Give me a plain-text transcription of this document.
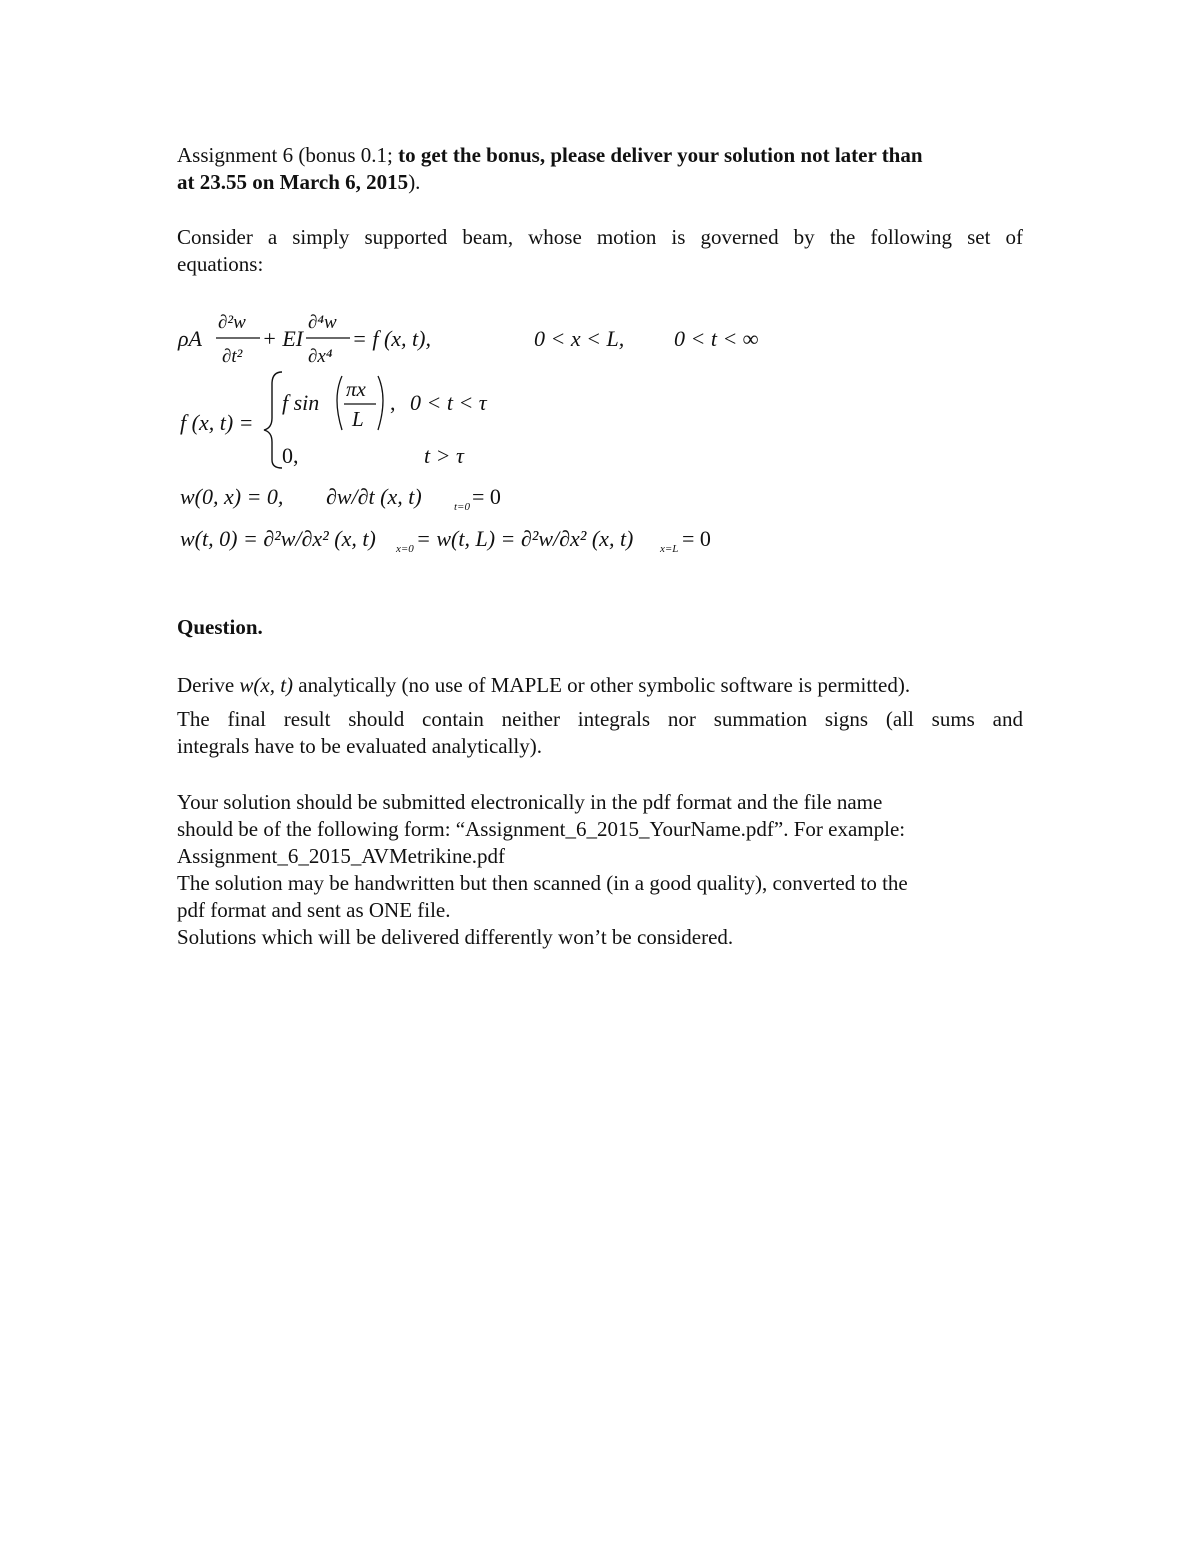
Assignment 6 (bonus 0.1; to get the bonus, please deliver your solution not later than
at 23.55 on March 6, 2015).
Consider a simply supported beam, whose motion is governed by the following set of
equations:
ρA
∂²w
∂t²
+ EI
∂⁴w
∂x⁴
= f (x, t),	0 < x < L, 0 < t < ∞
f (x, t) =
f sin
πx
L
, 0 < t < τ
0,	t > τ
w(0, x) = 0, ∂w/∂t (x, t)	t=0 = 0
w(t, 0) = ∂²w/∂x² (x, t) x=0 = w(t, L) = ∂²w/∂x² (x, t) x=L = 0
Question.
Derive w(x, t) analytically (no use of MAPLE or other symbolic software is permitted).
The final result should contain neither integrals nor summation signs (all sums and
integrals have to be evaluated analytically).
Your solution should be submitted electronically in the pdf format and the file name
should be of the following form: “Assignment_6_2015_YourName.pdf”. For example:
Assignment_6_2015_AVMetrikine.pdf
The solution may be handwritten but then scanned (in a good quality), converted to the
pdf format and sent as ONE file.
Solutions which will be delivered differently won’t be considered.
